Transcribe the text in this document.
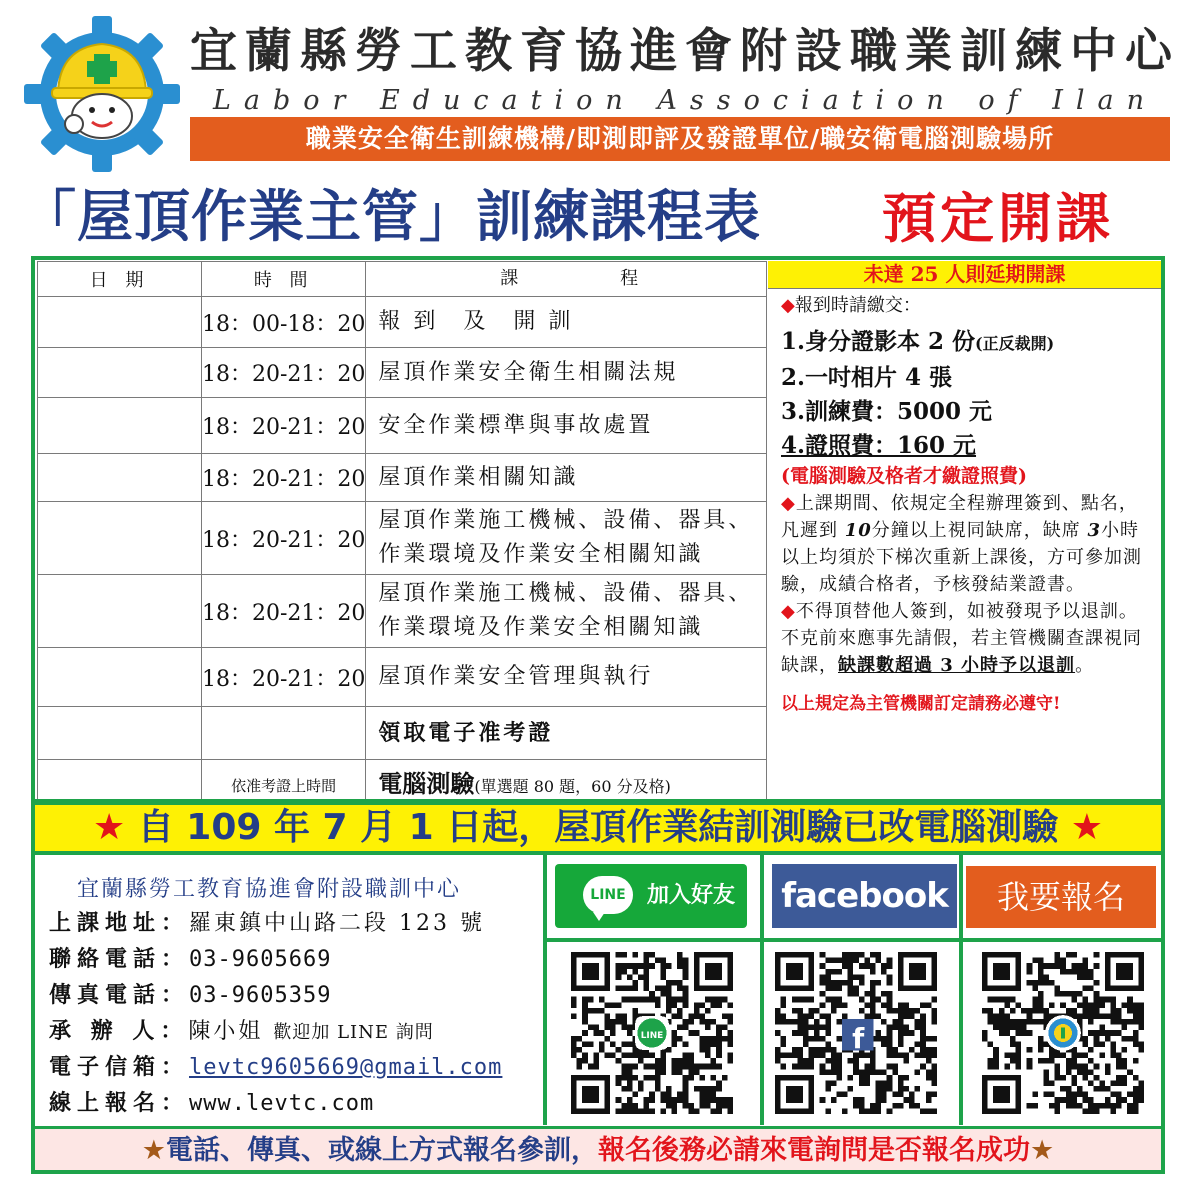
宜蘭縣勞工教育協進會附設職業訓練中心
Labor Education Association of Ilan
職業安全衛生訓練機構/即測即評及發證單位/職安衛電腦測驗場所
「屋頂作業主管」訓練課程表	預定開課
日 期	時 間	課　　　　程
	18：00-18：20	報 到　及　開 訓
	18：20-21：20	屋頂作業安全衛生相關法規
	18：20-21：20	安全作業標準與事故處置
	18：20-21：20	屋頂作業相關知識
	18：20-21：20	屋頂作業施工機械、設備、器具、
作業環境及作業安全相關知識

	18：20-21：20	屋頂作業施工機械、設備、器具、
作業環境及作業安全相關知識

	18：20-21：20	屋頂作業安全管理與執行
		領取電子准考證
	依准考證上時間	電腦測驗(單選題 80 題，60 分及格)
未達 25 人則延期開課
◆報到時請繳交：
1.身分證影本 2 份(正反裁開)
2.一吋相片 4 張
3.訓練費：5000 元
4.證照費：160 元
(電腦測驗及格者才繳證照費)
◆上課期間、依規定全程辦理簽到、點名，凡遲到 10分鐘以上視同缺席，缺席 3小時以上均須於下梯次重新上課後，方可參加測驗，成績合格者，予核發結業證書。
◆不得頂替他人簽到，如被發現予以退訓。不克前來應事先請假，若主管機關查課視同缺課，缺課數超過 3 小時予以退訓。
以上規定為主管機關訂定請務必遵守!
★ 自 109 年 7 月 1 日起，屋頂作業結訓測驗已改電腦測驗 ★
宜蘭縣勞工教育協進會附設職訓中心
上課地址：羅東鎮中山路二段 123 號
聯絡電話：03-9605669
傳真電話：03-9605359
承 辦 人：陳小姐 歡迎加 LINE 詢問
電子信箱：levtc9605669@gmail.com
線上報名：www.levtc.com
LINE 加入好友 facebook	我要報名
LINE	f
★電話、傳真、或線上方式報名參訓，報名後務必請來電詢問是否報名成功★
